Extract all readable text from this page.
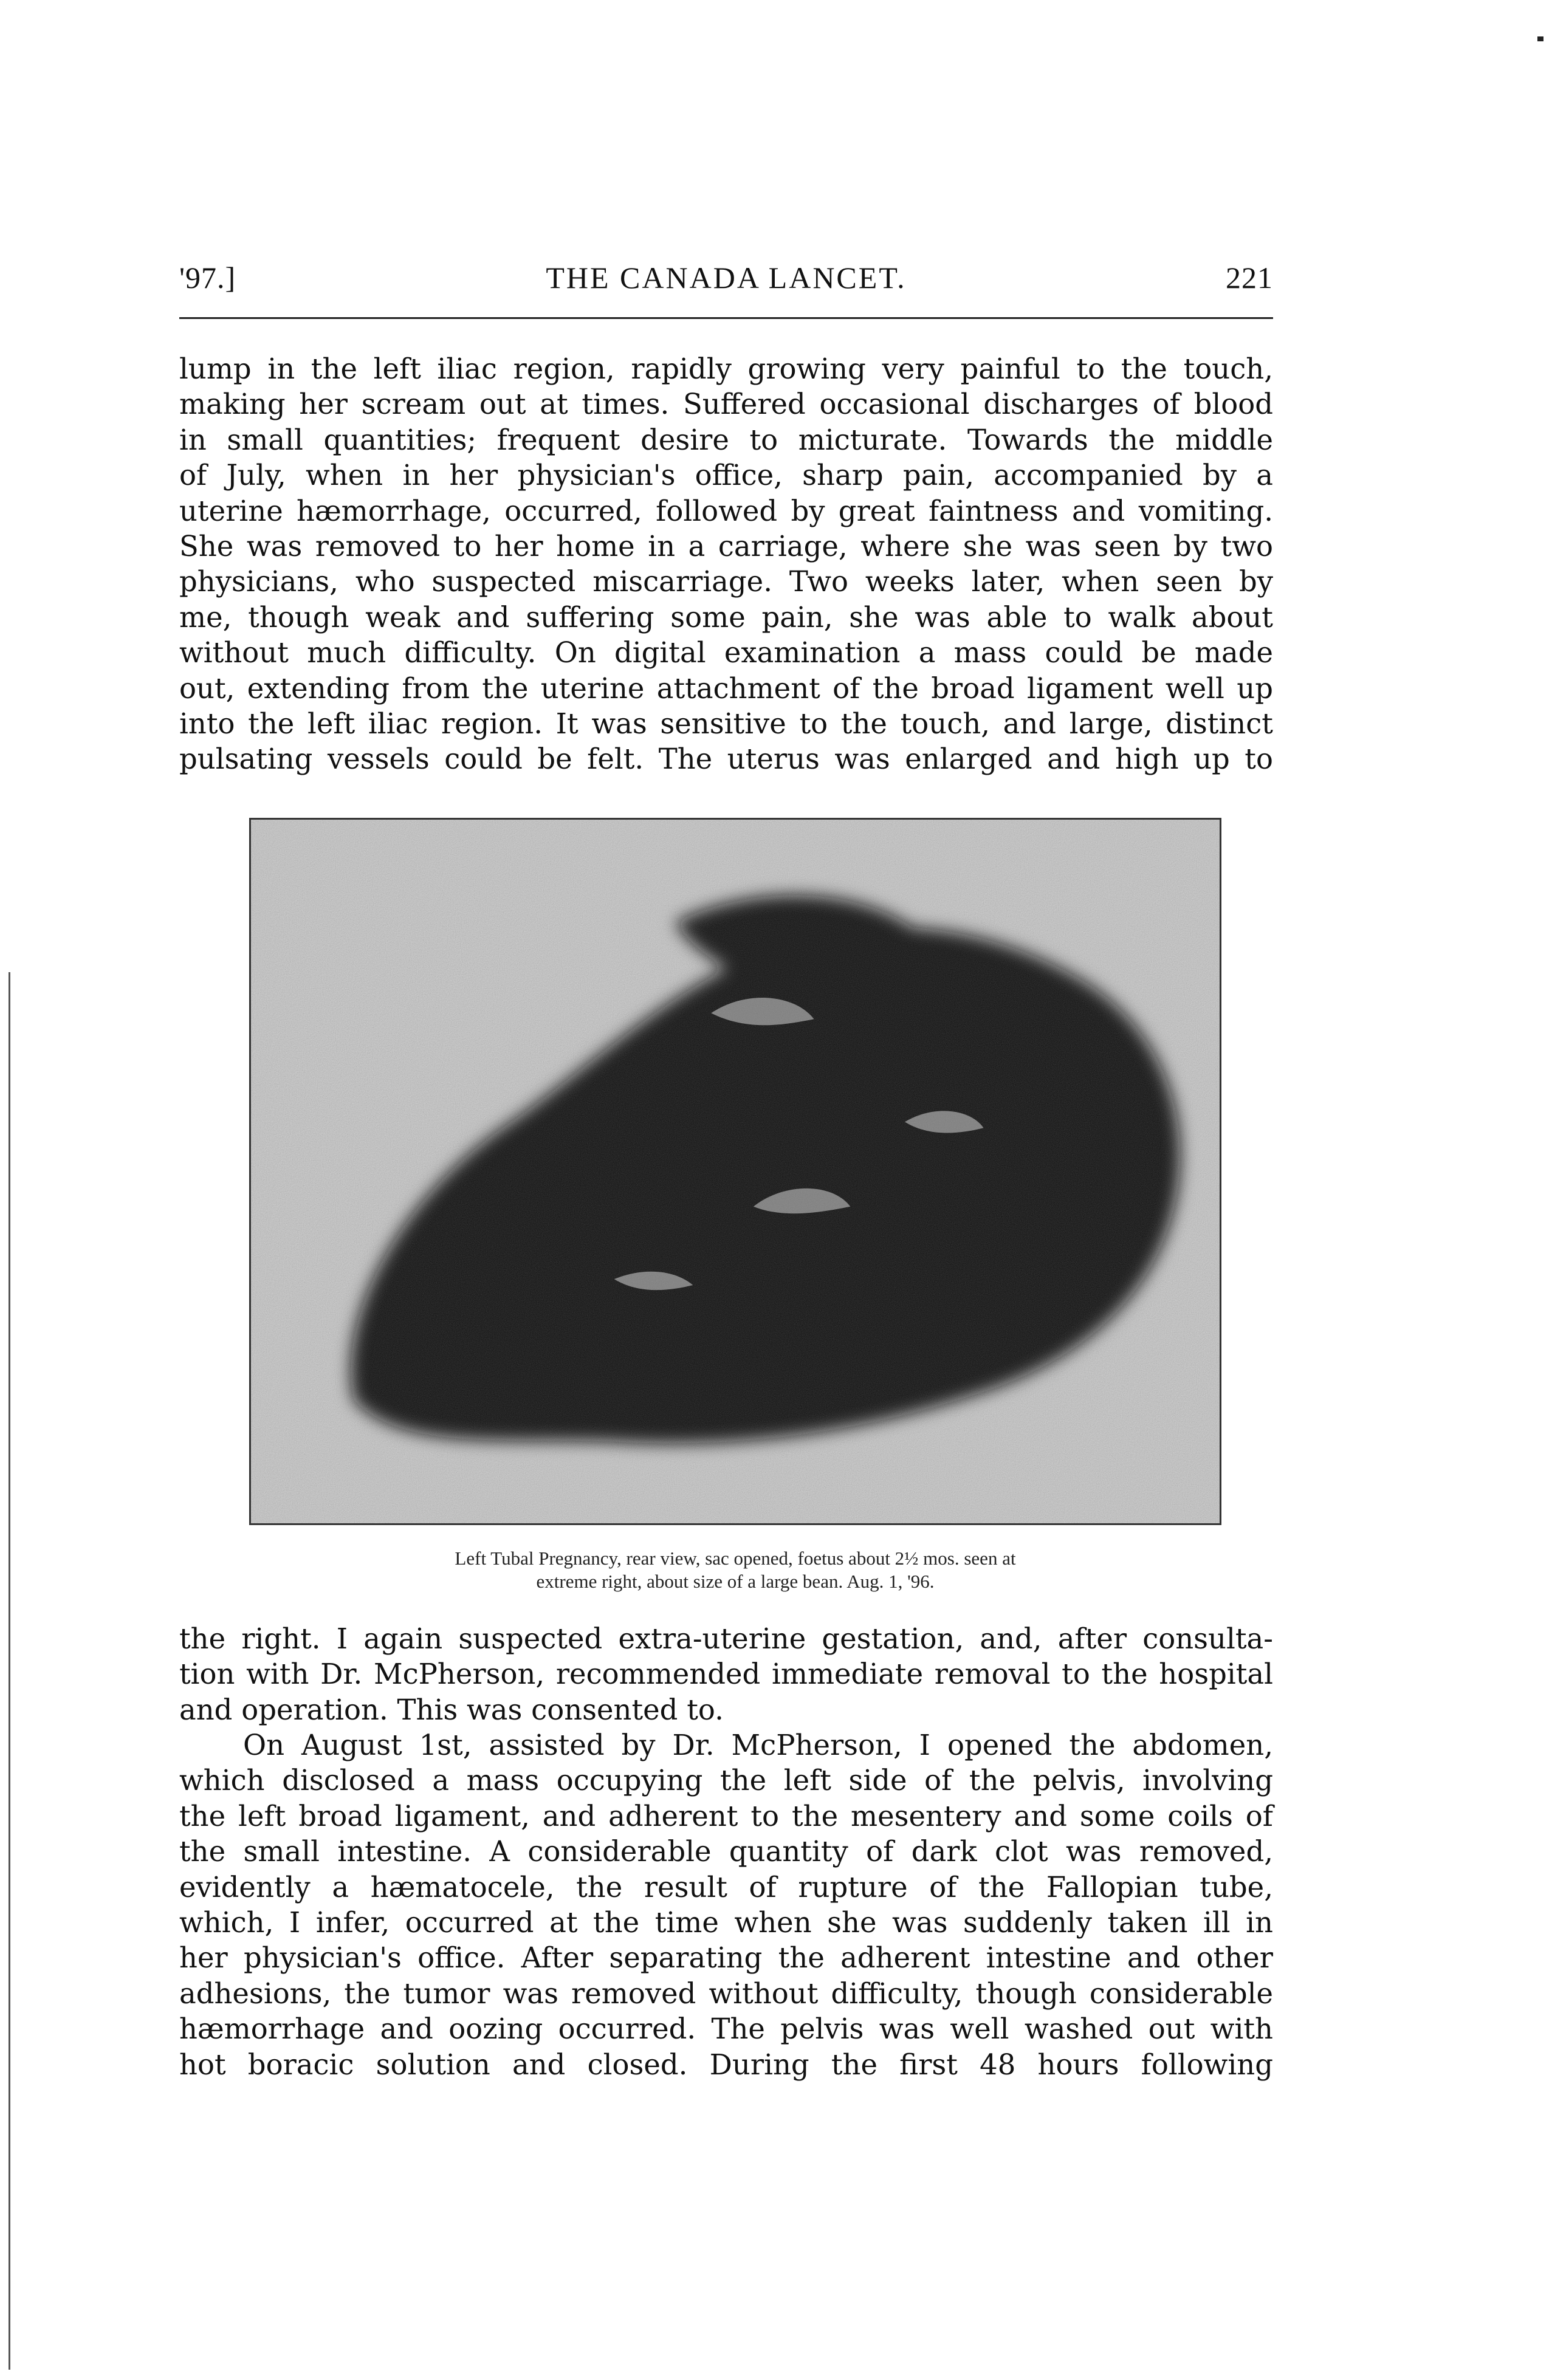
'97.]	THE CANADA LANCET.	221

lump in the left iliac region, rapidly growing very painful to the touch,
making her scream out at times. Suffered occasional discharges of blood
in small quantities; frequent desire to micturate. Towards the middle
of July, when in her physician's office, sharp pain, accompanied by a
uterine hæmorrhage, occurred, followed by great faintness and vomiting.
She was removed to her home in a carriage, where she was seen by two
physicians, who suspected miscarriage. Two weeks later, when seen by
me, though weak and suffering some pain, she was able to walk about
without much difficulty. On digital examination a mass could be made
out, extending from the uterine attachment of the broad ligament well up
into the left iliac region. It was sensitive to the touch, and large, distinct
pulsating vessels could be felt. The uterus was enlarged and high up to

Left Tubal Pregnancy, rear view, sac opened, foetus about 2½ mos. seen at
extreme right, about size of a large bean. Aug. 1, '96.

the right. I again suspected extra-uterine gestation, and, after consulta-
tion with Dr. McPherson, recommended immediate removal to the hospital
and operation. This was consented to.

On August 1st, assisted by Dr. McPherson, I opened the abdomen,
which disclosed a mass occupying the left side of the pelvis, involving
the left broad ligament, and adherent to the mesentery and some coils of
the small intestine. A considerable quantity of dark clot was removed,
evidently a hæmatocele, the result of rupture of the Fallopian tube,
which, I infer, occurred at the time when she was suddenly taken ill in
her physician's office. After separating the adherent intestine and other
adhesions, the tumor was removed without difficulty, though considerable
hæmorrhage and oozing occurred. The pelvis was well washed out with
hot boracic solution and closed. During the first 48 hours following
